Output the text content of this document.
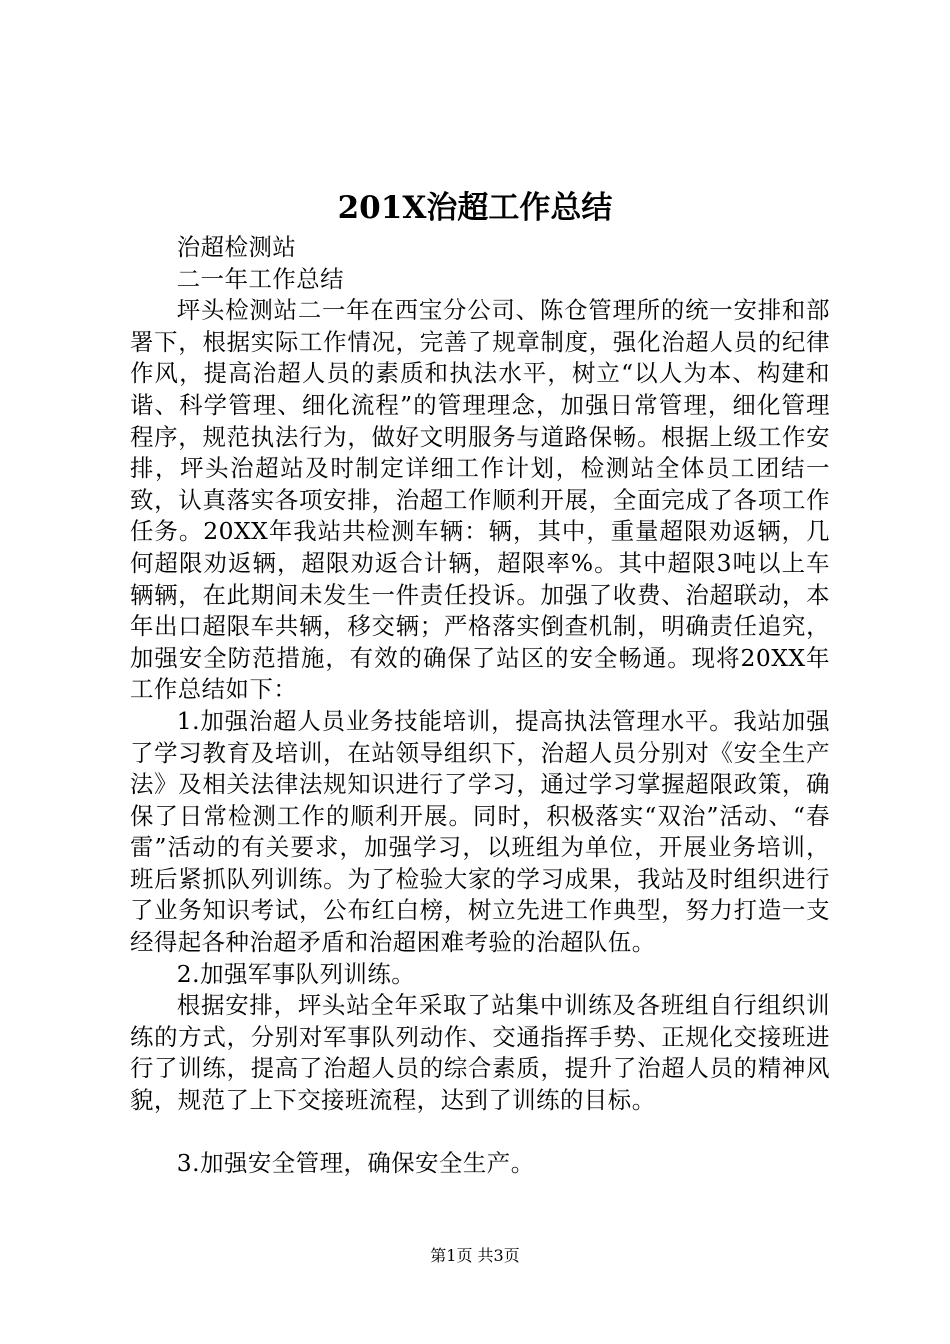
201X治超工作总结

治超检测站

二一年工作总结

坪头检测站二一年在西宝分公司、陈仓管理所的统一安排和部署下，根据实际工作情况，完善了规章制度，强化治超人员的纪律作风，提高治超人员的素质和执法水平，树立“以人为本、构建和谐、科学管理、细化流程”的管理理念，加强日常管理，细化管理程序，规范执法行为，做好文明服务与道路保畅。根据上级工作安排，坪头治超站及时制定详细工作计划，检测站全体员工团结一致，认真落实各项安排，治超工作顺利开展，全面完成了各项工作任务。20XX年我站共检测车辆：辆，其中，重量超限劝返辆，几何超限劝返辆，超限劝返合计辆，超限率%。其中超限3吨以上车辆辆，在此期间未发生一件责任投诉。加强了收费、治超联动，本年出口超限车共辆，移交辆；严格落实倒查机制，明确责任追究，加强安全防范措施，有效的确保了站区的安全畅通。现将20XX年工作总结如下：

1.加强治超人员业务技能培训，提高执法管理水平。我站加强了学习教育及培训，在站领导组织下，治超人员分别对《安全生产法》及相关法律法规知识进行了学习，通过学习掌握超限政策，确保了日常检测工作的顺利开展。同时，积极落实“双治”活动、“春雷”活动的有关要求，加强学习，以班组为单位，开展业务培训，班后紧抓队列训练。为了检验大家的学习成果，我站及时组织进行了业务知识考试，公布红白榜，树立先进工作典型，努力打造一支经得起各种治超矛盾和治超困难考验的治超队伍。

2.加强军事队列训练。

根据安排，坪头站全年采取了站集中训练及各班组自行组织训练的方式，分别对军事队列动作、交通指挥手势、正规化交接班进行了训练，提高了治超人员的综合素质，提升了治超人员的精神风貌，规范了上下交接班流程，达到了训练的目标。

3.加强安全管理，确保安全生产。

第1页 共3页
